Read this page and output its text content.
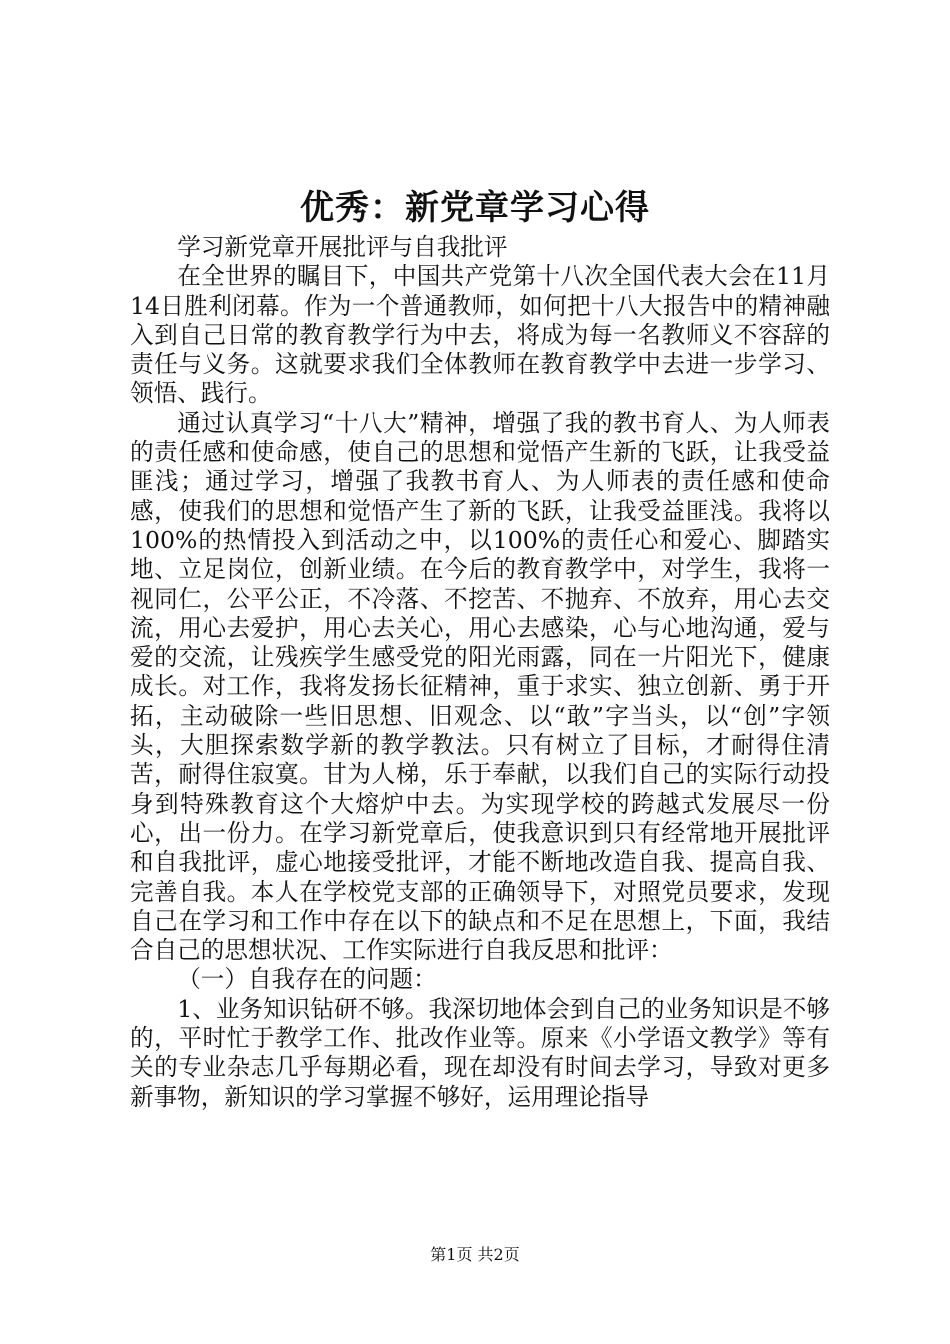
优秀：新党章学习心得

学习新党章开展批评与自我批评

在全世界的瞩目下，中国共产党第十八次全国代表大会在11月14日胜利闭幕。作为一个普通教师，如何把十八大报告中的精神融入到自己日常的教育教学行为中去，将成为每一名教师义不容辞的责任与义务。这就要求我们全体教师在教育教学中去进一步学习、领悟、践行。

通过认真学习“十八大”精神，增强了我的教书育人、为人师表的责任感和使命感，使自己的思想和觉悟产生新的飞跃，让我受益匪浅；通过学习，增强了我教书育人、为人师表的责任感和使命感，使我们的思想和觉悟产生了新的飞跃，让我受益匪浅。我将以100%的热情投入到活动之中，以100%的责任心和爱心、脚踏实地、立足岗位，创新业绩。在今后的教育教学中，对学生，我将一视同仁，公平公正，不冷落、不挖苦、不抛弃、不放弃，用心去交流，用心去爱护，用心去关心，用心去感染，心与心地沟通，爱与爱的交流，让残疾学生感受党的阳光雨露，同在一片阳光下，健康成长。对工作，我将发扬长征精神，重于求实、独立创新、勇于开拓，主动破除一些旧思想、旧观念、以“敢”字当头，以“创”字领头，大胆探索数学新的教学教法。只有树立了目标，才耐得住清苦，耐得住寂寞。甘为人梯，乐于奉献，以我们自己的实际行动投身到特殊教育这个大熔炉中去。为实现学校的跨越式发展尽一份心，出一份力。在学习新党章后，使我意识到只有经常地开展批评和自我批评，虚心地接受批评，才能不断地改造自我、提高自我、完善自我。本人在学校党支部的正确领导下，对照党员要求，发现自己在学习和工作中存在以下的缺点和不足在思想上，下面，我结合自己的思想状况、工作实际进行自我反思和批评：

（一）自我存在的问题：

1、业务知识钻研不够。我深切地体会到自己的业务知识是不够的，平时忙于教学工作、批改作业等。原来《小学语文教学》等有关的专业杂志几乎每期必看，现在却没有时间去学习，导致对更多新事物，新知识的学习掌握不够好，运用理论指导

第1页 共2页
